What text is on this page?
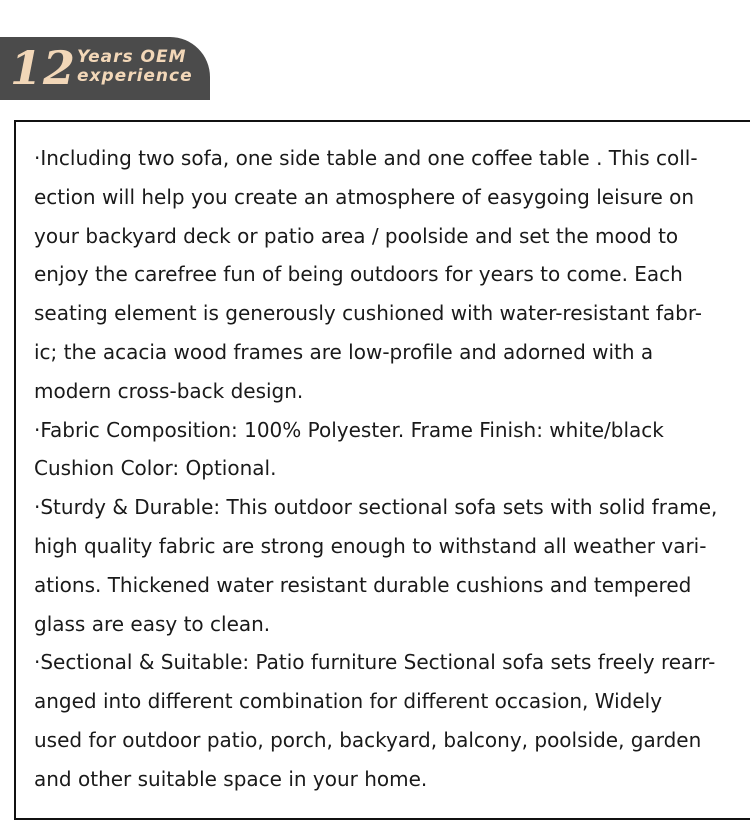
12 Years OEM
experience

·Including two sofa, one side table and one coffee table . This coll-

ection will help you create an atmosphere of easygoing leisure on

your backyard deck or patio area / poolside and set the mood to

enjoy the carefree fun of being outdoors for years to come. Each

seating element is generously cushioned with water-resistant fabr-

ic; the acacia wood frames are low-profile and adorned with a

modern cross-back design.

·Fabric Composition: 100% Polyester. Frame Finish: white/black

Cushion Color: Optional.

·Sturdy & Durable: This outdoor sectional sofa sets with solid frame,

high quality fabric are strong enough to withstand all weather vari-

ations. Thickened water resistant durable cushions and tempered

glass are easy to clean.

·Sectional & Suitable: Patio furniture Sectional sofa sets freely rearr-

anged into different combination for different occasion, Widely

used for outdoor patio, porch, backyard, balcony, poolside, garden

and other suitable space in your home.
